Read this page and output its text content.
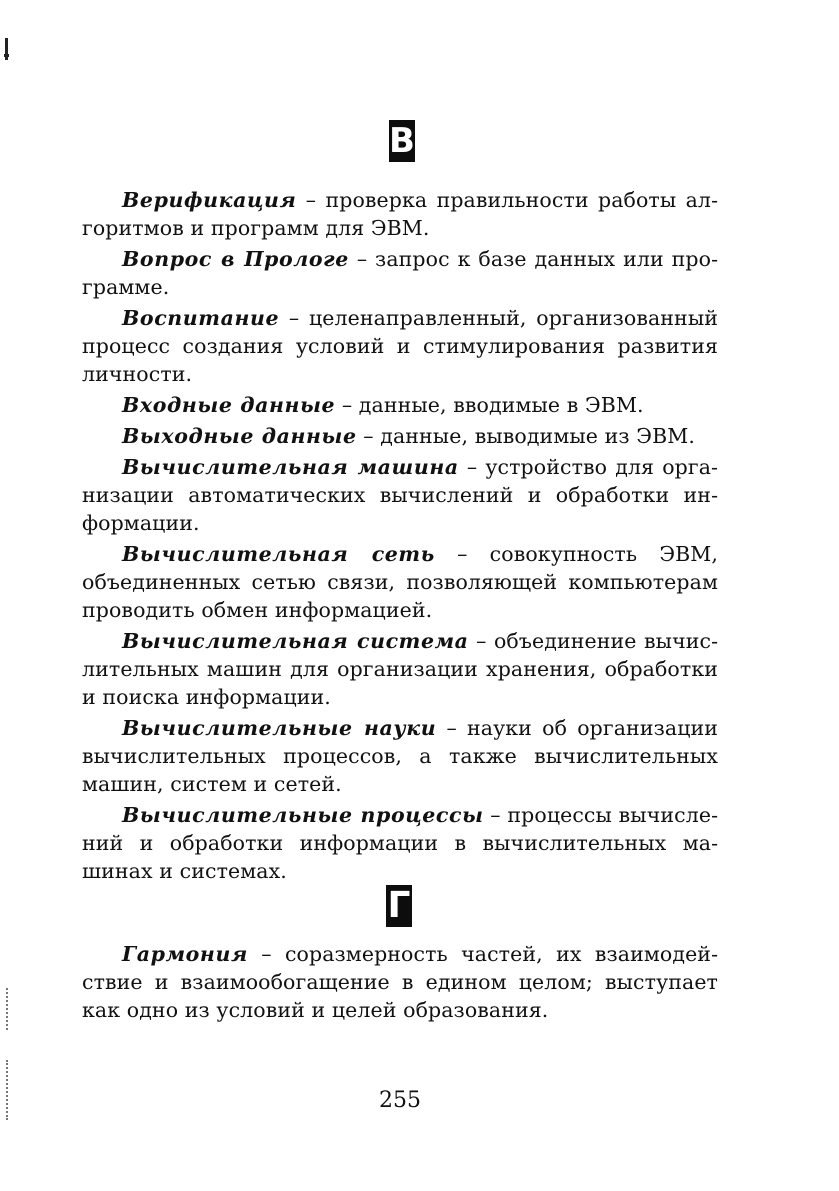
В

Верификация – проверка правильности работы алгоритмов и программ для ЭВМ.

Вопрос в Прологе – запрос к базе данных или программе.

Воспитание – целенаправленный, организованный процесс создания условий и стимулирования развития личности.

Входные данные – данные, вводимые в ЭВМ.

Выходные данные – данные, выводимые из ЭВМ.

Вычислительная машина – устройство для организации автоматических вычислений и обработки информации.

Вычислительная сеть – совокупность ЭВМ, объединенных сетью связи, позволяющей компьютерам проводить обмен информацией.

Вычислительная система – объединение вычислительных машин для организации хранения, обработки и поиска информации.

Вычислительные науки – науки об организации вычислительных процессов, а также вычислительных машин, систем и сетей.

Вычислительные процессы – процессы вычислений и обработки информации в вычислительных машинах и системах.

Г

Гармония – соразмерность частей, их взаимодействие и взаимообогащение в едином целом; выступает как одно из условий и целей образования.

255
